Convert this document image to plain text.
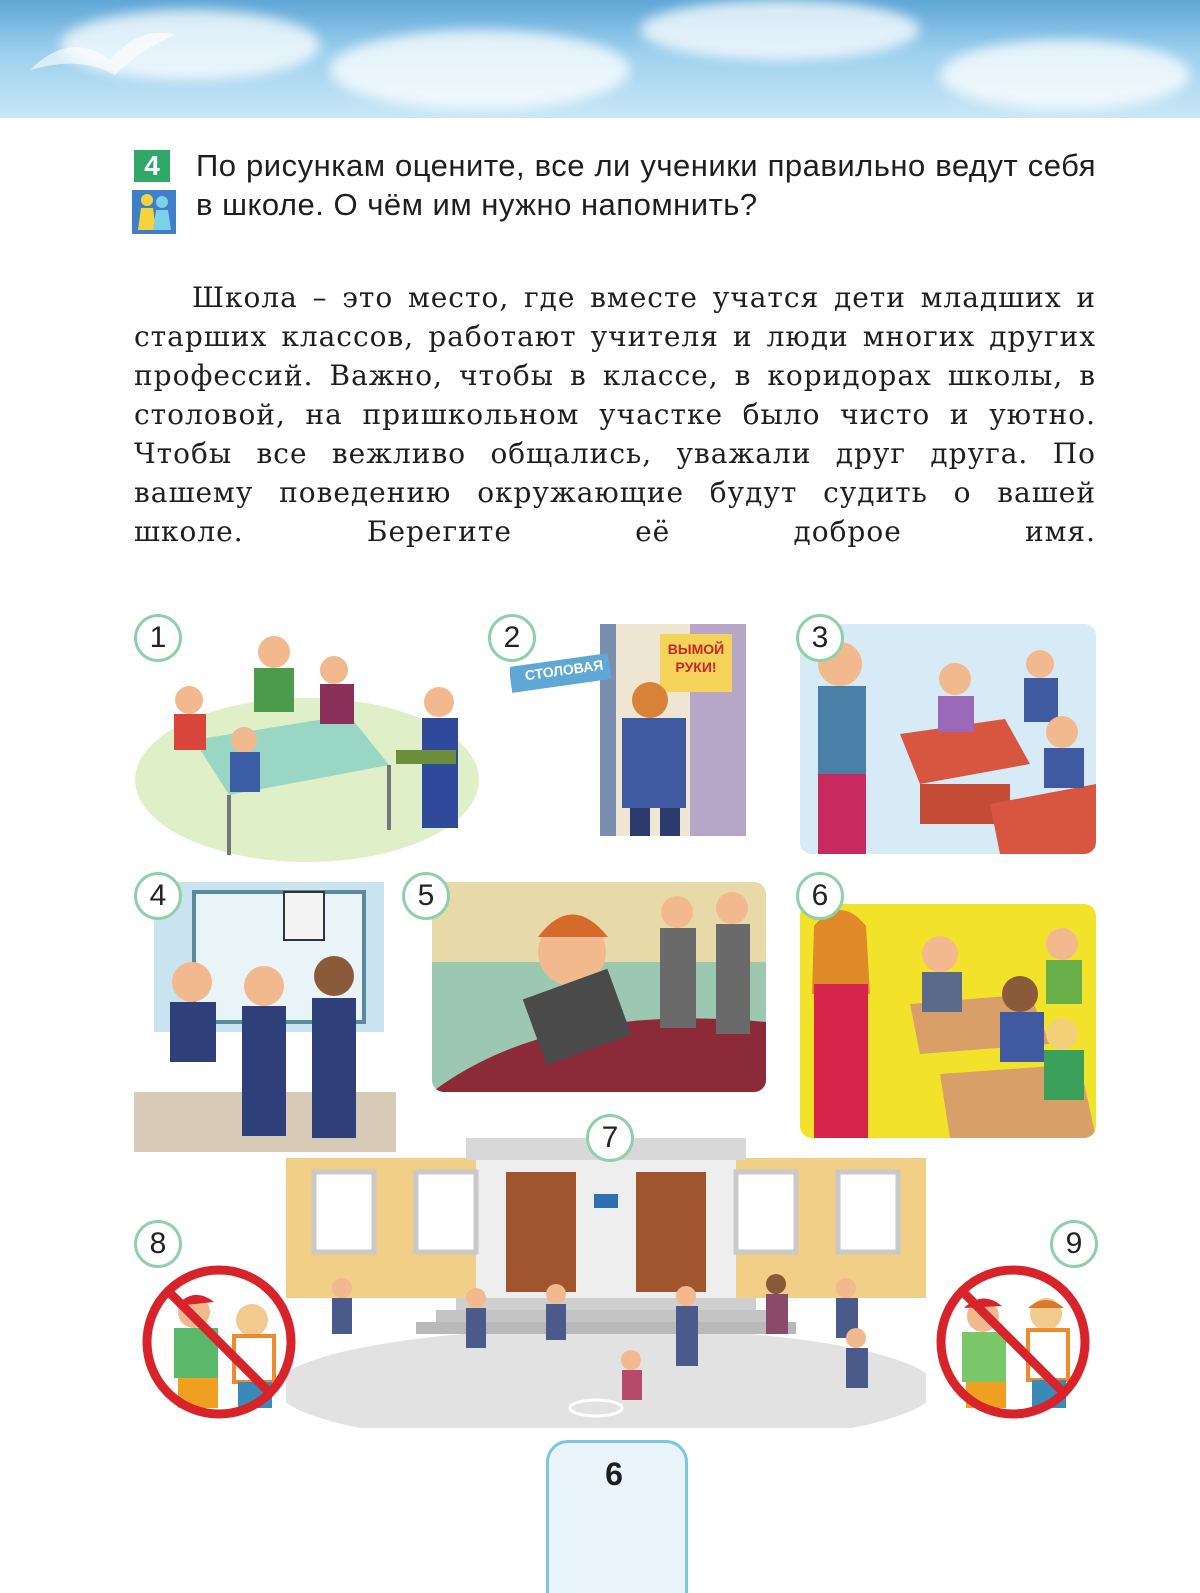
4	По рисункам оцените, все ли ученики правильно ведут себя в школе. О чём им нужно напомнить?
Школа – это место, где вместе учатся дети младших и старших классов, работают учителя и люди многих других профессий. Важно, чтобы в классе, в коридорах школы, в столовой, на пришкольном участке было чисто и уютно. Чтобы все вежливо общались, уважали друг друга. По вашему поведению окружающие будут судить о вашей школе. Берегите её доброе имя.
1
СТОЛОВАЯ
ВЫМОЙ РУКИ!
2	3
4	5	6
7
8	9
6
